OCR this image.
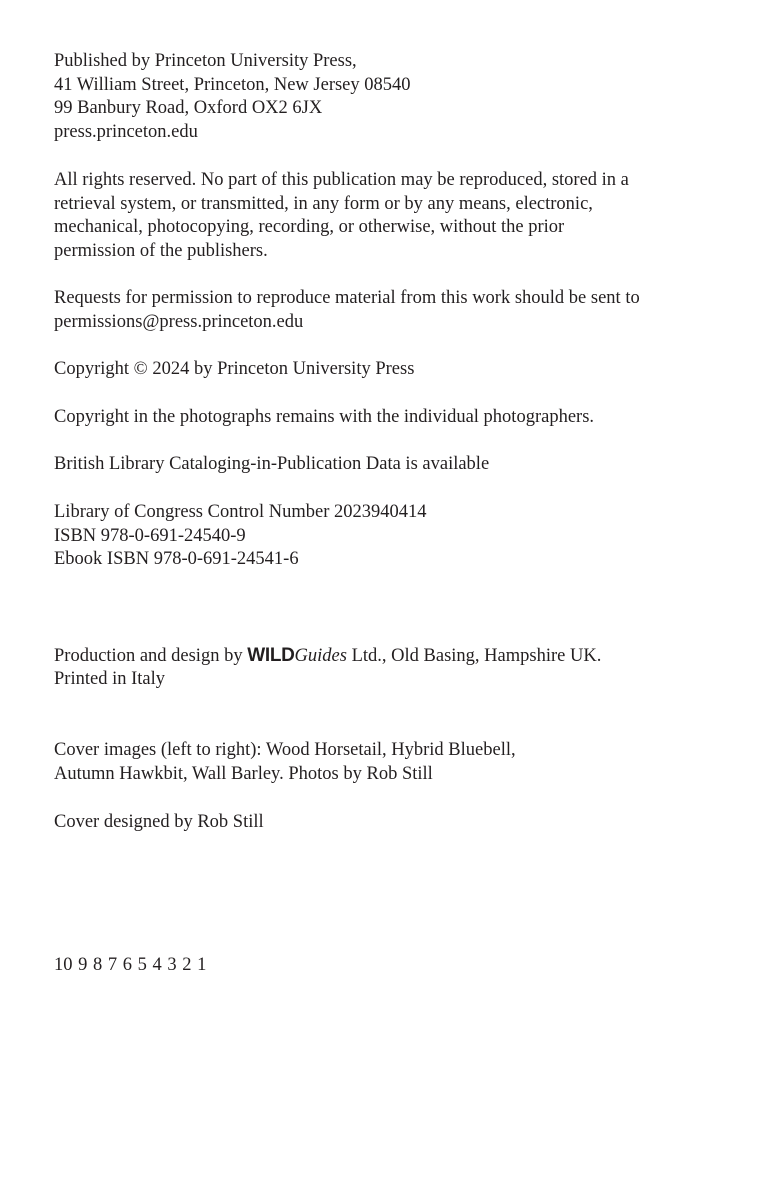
Published by Princeton University Press,
41 William Street, Princeton, New Jersey 08540
99 Banbury Road, Oxford OX2 6JX
press.princeton.edu
All rights reserved. No part of this publication may be reproduced, stored in a
retrieval system, or transmitted, in any form or by any means, electronic,
mechanical, photocopying, recording, or otherwise, without the prior
permission of the publishers.
Requests for permission to reproduce material from this work should be sent to
permissions@press.princeton.edu
Copyright © 2024 by Princeton University Press
Copyright in the photographs remains with the individual photographers.
British Library Cataloging-in-Publication Data is available
Library of Congress Control Number 2023940414
ISBN 978-0-691-24540-9
Ebook ISBN 978-0-691-24541-6
Production and design by WILDGuides Ltd., Old Basing, Hampshire UK.
Printed in Italy
Cover images (left to right): Wood Horsetail, Hybrid Bluebell,
Autumn Hawkbit, Wall Barley. Photos by Rob Still
Cover designed by Rob Still
10 9 8 7 6 5 4 3 2 1
